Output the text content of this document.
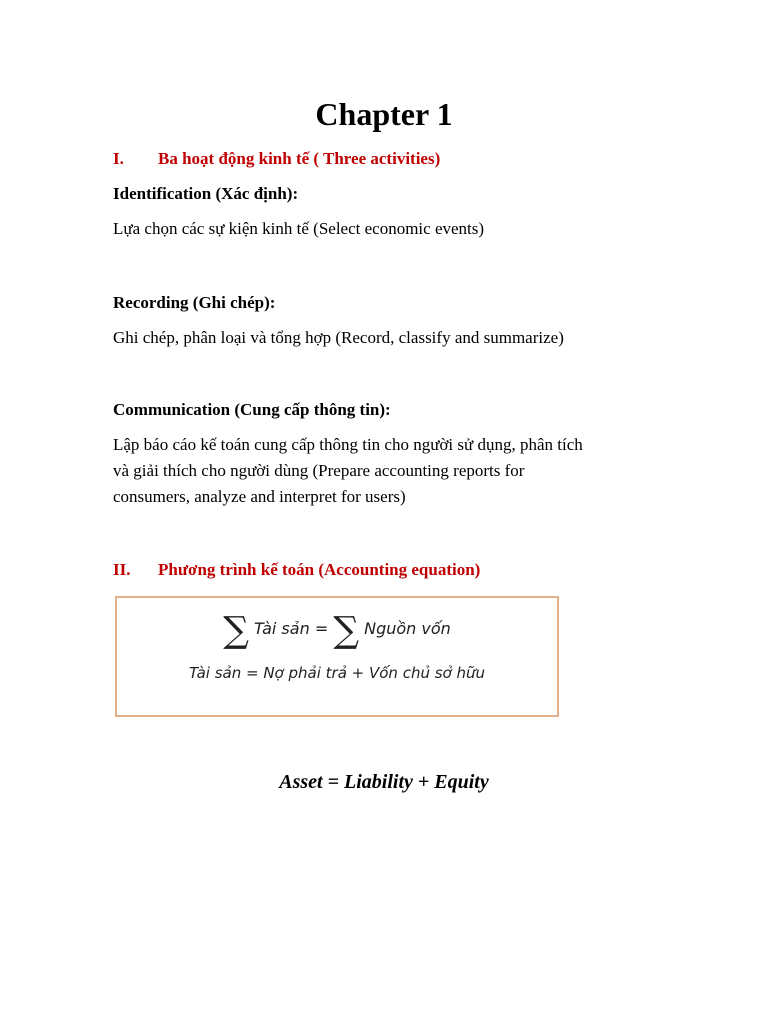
Chapter 1
I. Ba hoạt động kinh tế ( Three activities)
Identification (Xác định):
Lựa chọn các sự kiện kinh tế (Select economic events)
Recording (Ghi chép):
Ghi chép, phân loại và tổng hợp (Record, classify and summarize)
Communication (Cung cấp thông tin):
Lập báo cáo kế toán cung cấp thông tin cho người sử dụng, phân tích
và giải thích cho người dùng (Prepare accounting reports for
consumers, analyze and interpret for users)
II. Phương trình kế toán (Accounting equation)
∑ Tài sản = ∑ Nguồn vốn
Tài sản = Nợ phải trả + Vốn chủ sở hữu
Asset = Liability + Equity
